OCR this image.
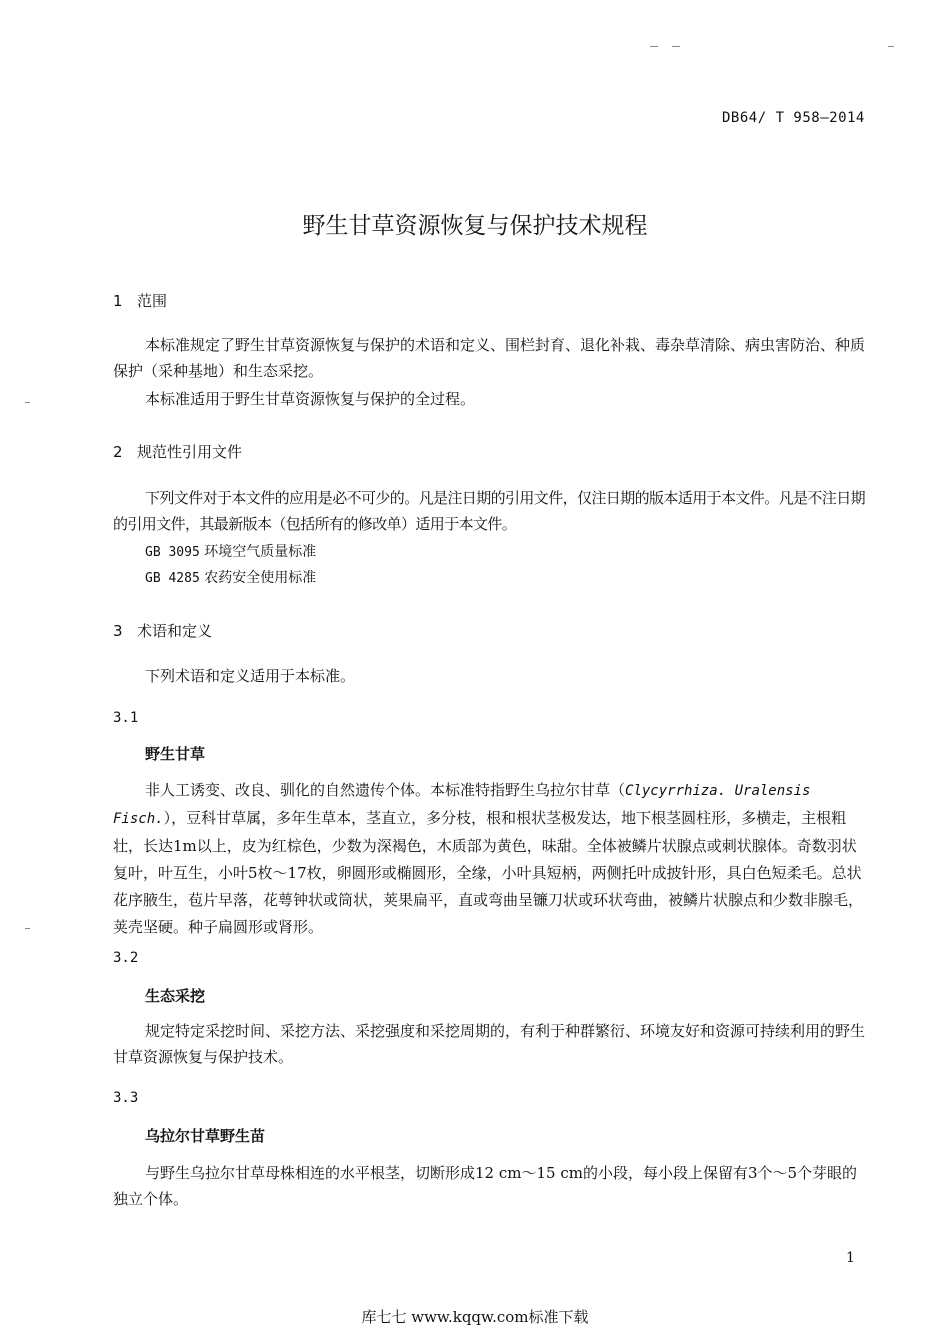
DB64/ T 958—2014
野生甘草资源恢复与保护技术规程
1 范围

本标准规定了野生甘草资源恢复与保护的术语和定义、围栏封育、退化补栽、毒杂草清除、病虫害防治、种质保护（采种基地）和生态采挖。

本标准适用于野生甘草资源恢复与保护的全过程。

2 规范性引用文件

下列文件对于本文件的应用是必不可少的。凡是注日期的引用文件，仅注日期的版本适用于本文件。凡是不注日期的引用文件，其最新版本（包括所有的修改单）适用于本文件。

GB 3095 环境空气质量标准
GB 4285 农药安全使用标准
3 术语和定义

下列术语和定义适用于本标准。

3.1
野生甘草

非人工诱变、改良、驯化的自然遗传个体。本标准特指野生乌拉尔甘草（Clycyrrhiza. Uralensis Fisch.），豆科甘草属，多年生草本，茎直立，多分枝，根和根状茎极发达，地下根茎圆柱形，多横走，主根粗壮，长达1m以上，皮为红棕色，少数为深褐色，木质部为黄色，味甜。全体被鳞片状腺点或刺状腺体。奇数羽状复叶，叶互生，小叶5枚～17枚，卵圆形或椭圆形，全缘，小叶具短柄，两侧托叶成披针形，具白色短柔毛。总状花序腋生，苞片早落，花萼钟状或筒状，荚果扁平，直或弯曲呈镰刀状或环状弯曲，被鳞片状腺点和少数非腺毛，荚壳坚硬。种子扁圆形或肾形。

3.2
生态采挖

规定特定采挖时间、采挖方法、采挖强度和采挖周期的，有利于种群繁衍、环境友好和资源可持续利用的野生甘草资源恢复与保护技术。

3.3
乌拉尔甘草野生苗

与野生乌拉尔甘草母株相连的水平根茎，切断形成12 cm～15 cm的小段，每小段上保留有3个～5个芽眼的独立个体。

1
库七七 www.kqqw.com标准下载
